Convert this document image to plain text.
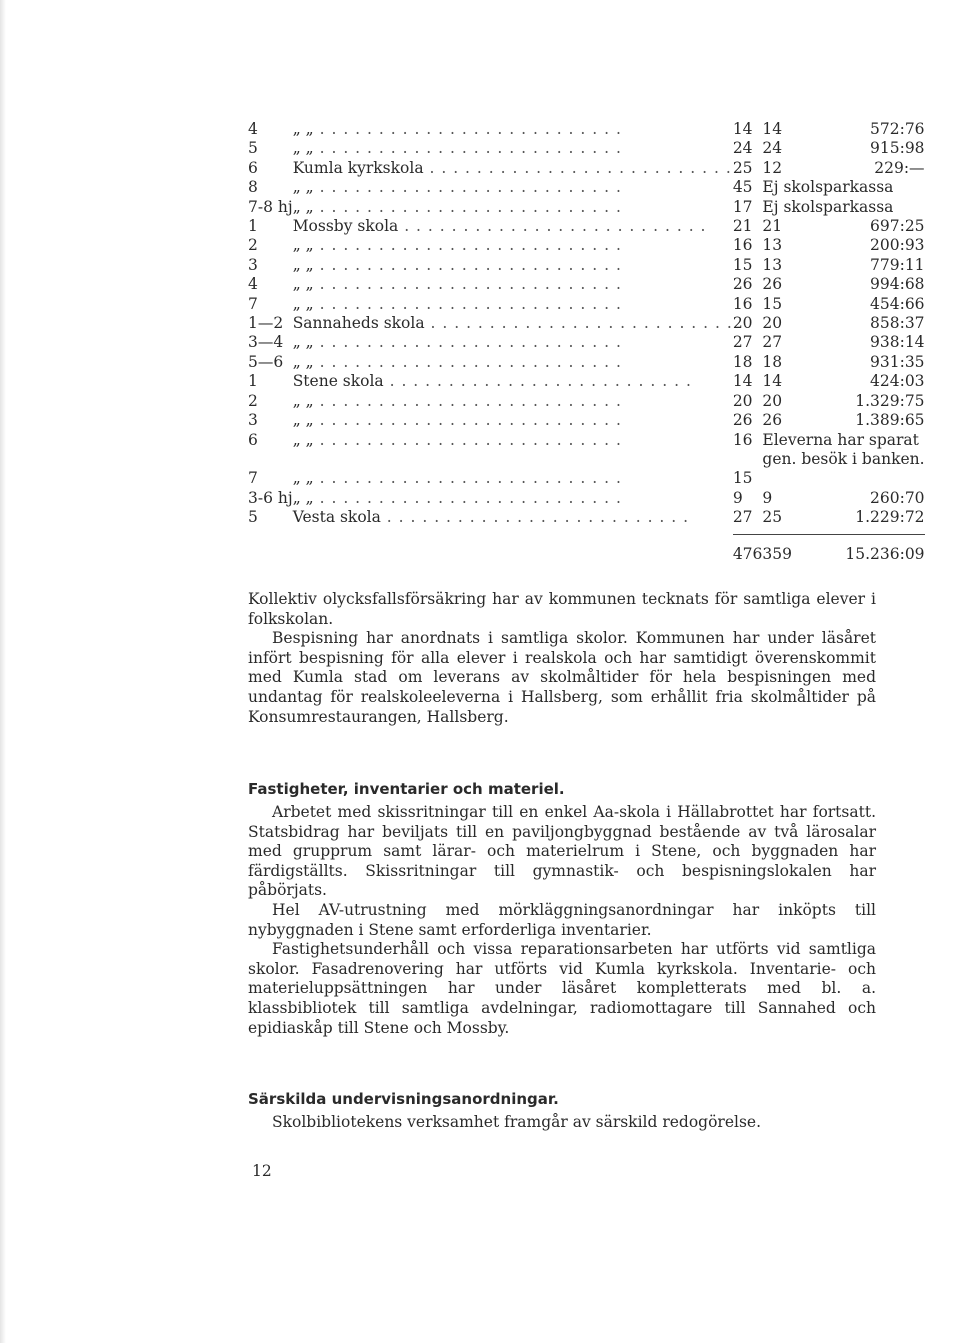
4	„ „ . . . . . . . . . . . . . . . . . . . . . . . . . .	14	14	572:76
5	„ „ . . . . . . . . . . . . . . . . . . . . . . . . . .	24	24	915:98
6	Kumla kyrkskola . . . . . . . . . . . . . . . . . . . . . . . . . .	25	12	229:—
8	„ „ . . . . . . . . . . . . . . . . . . . . . . . . . .	45	Ej skolsparkassa	
7-8 hj	„ „ . . . . . . . . . . . . . . . . . . . . . . . . . .	17	Ej skolsparkassa	
1	Mossby skola . . . . . . . . . . . . . . . . . . . . . . . . . .	21	21	697:25
2	„ „ . . . . . . . . . . . . . . . . . . . . . . . . . .	16	13	200:93
3	„ „ . . . . . . . . . . . . . . . . . . . . . . . . . .	15	13	779:11
4	„ „ . . . . . . . . . . . . . . . . . . . . . . . . . .	26	26	994:68
7	„ „ . . . . . . . . . . . . . . . . . . . . . . . . . .	16	15	454:66
1—2	Sannaheds skola . . . . . . . . . . . . . . . . . . . . . . . . . .	20	20	858:37
3—4	„ „ . . . . . . . . . . . . . . . . . . . . . . . . . .	27	27	938:14
5—6	„ „ . . . . . . . . . . . . . . . . . . . . . . . . . .	18	18	931:35
1	Stene skola . . . . . . . . . . . . . . . . . . . . . . . . . .	14	14	424:03
2	„ „ . . . . . . . . . . . . . . . . . . . . . . . . . .	20	20	1.329:75
3	„ „ . . . . . . . . . . . . . . . . . . . . . . . . . .	26	26	1.389:65
6	„ „ . . . . . . . . . . . . . . . . . . . . . . . . . .	16	Eleverna har sparat	
			gen. besök i banken.	
7	„ „ . . . . . . . . . . . . . . . . . . . . . . . . . .	15		
3-6 hj	„ „ . . . . . . . . . . . . . . . . . . . . . . . . . .	9	9	260:70
5	Vesta skola . . . . . . . . . . . . . . . . . . . . . . . . . .	27	25	1.229:72

		476	359	15.236:09

Kollektiv olycksfallsförsäkring har av kommunen tecknats för samtliga elever i folkskolan.

Bespisning har anordnats i samtliga skolor. Kommunen har under läsåret infört bespisning för alla elever i realskola och har samtidigt överenskommit med Kumla stad om leverans av skolmåltider för hela bespisningen med undantag för realskoleeleverna i Hallsberg, som erhållit fria skolmåltider på Konsumrestaurangen, Hallsberg.

Fastigheter, inventarier och materiel.

Arbetet med skissritningar till en enkel Aa-skola i Hällabrottet har fortsatt. Statsbidrag har beviljats till en paviljongbyggnad bestående av två lärosalar med grupprum samt lärar- och materielrum i Stene, och byggnaden har färdigställts. Skissritningar till gymnastik- och bespisningslokalen har påbörjats.

Hel AV-utrustning med mörkläggningsanordningar har inköpts till nybyggnaden i Stene samt erforderliga inventarier.

Fastighetsunderhåll och vissa reparationsarbeten har utförts vid samtliga skolor. Fasadrenovering har utförts vid Kumla kyrkskola. Inventarie- och materieluppsättningen har under läsåret kompletterats med bl. a. klassbibliotek till samtliga avdelningar, radiomottagare till Sannahed och epidiaskåp till Stene och Mossby.

Särskilda undervisningsanordningar.

Skolbibliotekens verksamhet framgår av särskild redogörelse.

12
